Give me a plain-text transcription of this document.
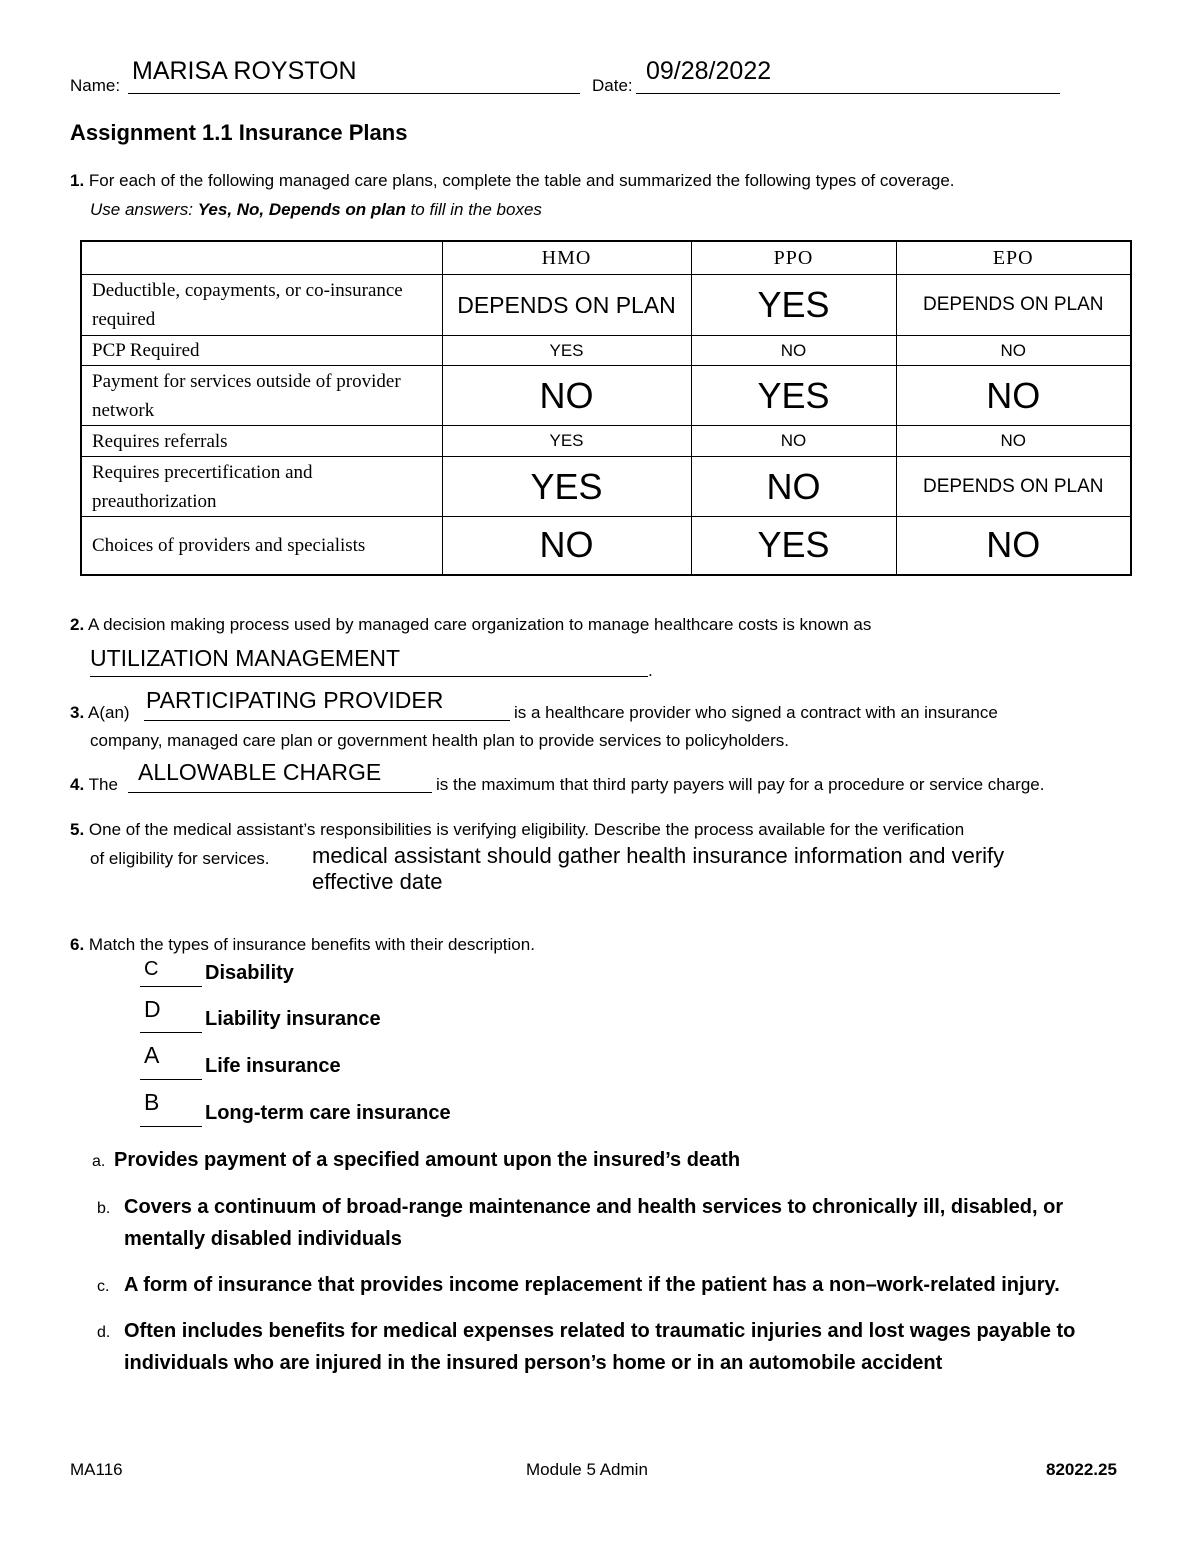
Name:
MARISA ROYSTON
Date:
09/28/2022
Assignment 1.1 Insurance Plans
1. For each of the following managed care plans, complete the table and summarized the following types of coverage.
Use answers: Yes, No, Depends on plan to fill in the boxes
	HMO	PPO	EPO
Deductible, copayments, or co-insurance required	DEPENDS ON PLAN	YES	DEPENDS ON PLAN
PCP Required	YES	NO	NO
Payment for services outside of provider network	NO	YES	NO
Requires referrals	YES	NO	NO
Requires precertification and preauthorization	YES	NO	DEPENDS ON PLAN
Choices of providers and specialists	NO	YES	NO
2. A decision making process used by managed care organization to manage healthcare costs is known as
UTILIZATION MANAGEMENT	.
3. A(an) PARTICIPATING PROVIDER	is a healthcare provider who signed a contract with an insurance
company, managed care plan or government health plan to provide services to policyholders.
4. The ALLOWABLE CHARGE	is the maximum that third party payers will pay for a procedure or service charge.
5. One of the medical assistant’s responsibilities is verifying eligibility. Describe the process available for the verification
of eligibility for services. medical assistant should gather health insurance information and verify
effective date
6. Match the types of insurance benefits with their description.
C Disability
D Liability insurance
A Life insurance
B Long-term care insurance
a. Provides payment of a specified amount upon the insured’s death
b. Covers a continuum of broad-range maintenance and health services to chronically ill, disabled, or
mentally disabled individuals
c. A form of insurance that provides income replacement if the patient has a non–work-related injury.
d. Often includes benefits for medical expenses related to traumatic injuries and lost wages payable to
individuals who are injured in the insured person’s home or in an automobile accident
MA116	Module 5 Admin	82022.25
